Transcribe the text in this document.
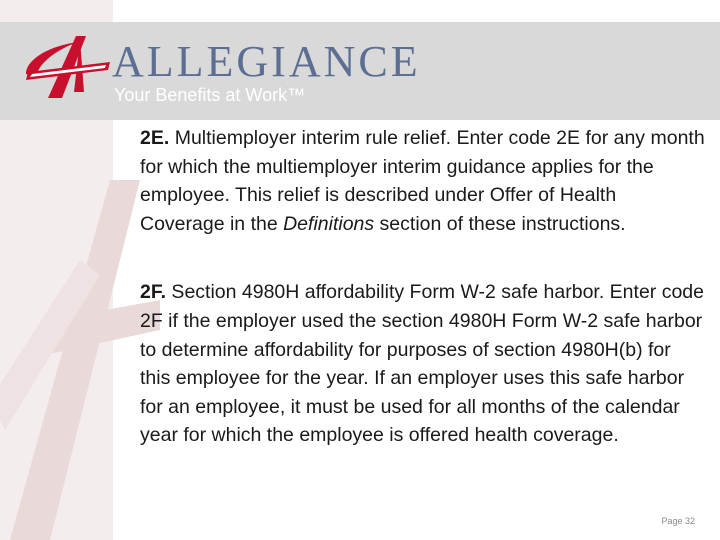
ALLEGIANCE

Your Benefits at Work™

2E. Multiemployer interim rule relief. Enter code 2E for any month for which the multiemployer interim guidance applies for the employee. This relief is described under Offer of Health Coverage in the Definitions section of these instructions.

2F. Section 4980H affordability Form W-2 safe harbor. Enter code 2F if the employer used the section 4980H Form W-2 safe harbor to determine affordability for purposes of section 4980H(b) for this employee for the year. If an employer uses this safe harbor for an employee, it must be used for all months of the calendar year for which the employee is offered health coverage.

Page 32
